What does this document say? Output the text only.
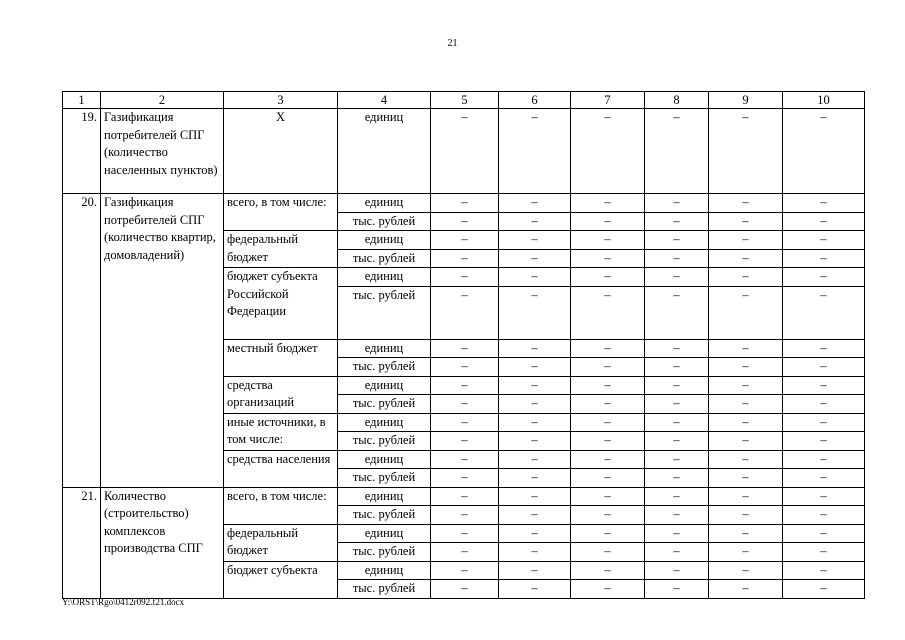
21
1	2	3	4	5	6	7	8	9	10
19.	Газификация потребителей СПГ (количество населенных пунктов)	Х	единиц	–	–	–	–	–	–
20.	Газификация потребителей СПГ (количество квартир, домовладений)	всего, в том числе:	единиц	–	–	–	–	–	–
			тыс. рублей	–	–	–	–	–	–
		федеральный бюджет	единиц	–	–	–	–	–	–
			тыс. рублей	–	–	–	–	–	–
		бюджет субъекта Российской Федерации	единиц	–	–	–	–	–	–
			тыс. рублей	–	–	–	–	–	–
		местный бюджет	единиц	–	–	–	–	–	–
			тыс. рублей	–	–	–	–	–	–
		средства организаций	единиц	–	–	–	–	–	–
			тыс. рублей	–	–	–	–	–	–
		иные источники, в том числе:	единиц	–	–	–	–	–	–
			тыс. рублей	–	–	–	–	–	–
		средства населения	единиц	–	–	–	–	–	–
			тыс. рублей	–	–	–	–	–	–
21.	Количество (строительство) комплексов производства СПГ	всего, в том числе:	единиц	–	–	–	–	–	–
			тыс. рублей	–	–	–	–	–	–
		федеральный бюджет	единиц	–	–	–	–	–	–
			тыс. рублей	–	–	–	–	–	–
		бюджет субъекта	единиц	–	–	–	–	–	–
			тыс. рублей	–	–	–	–	–	–
Y:\ORST\Rgo\0412r092.f21.docx
